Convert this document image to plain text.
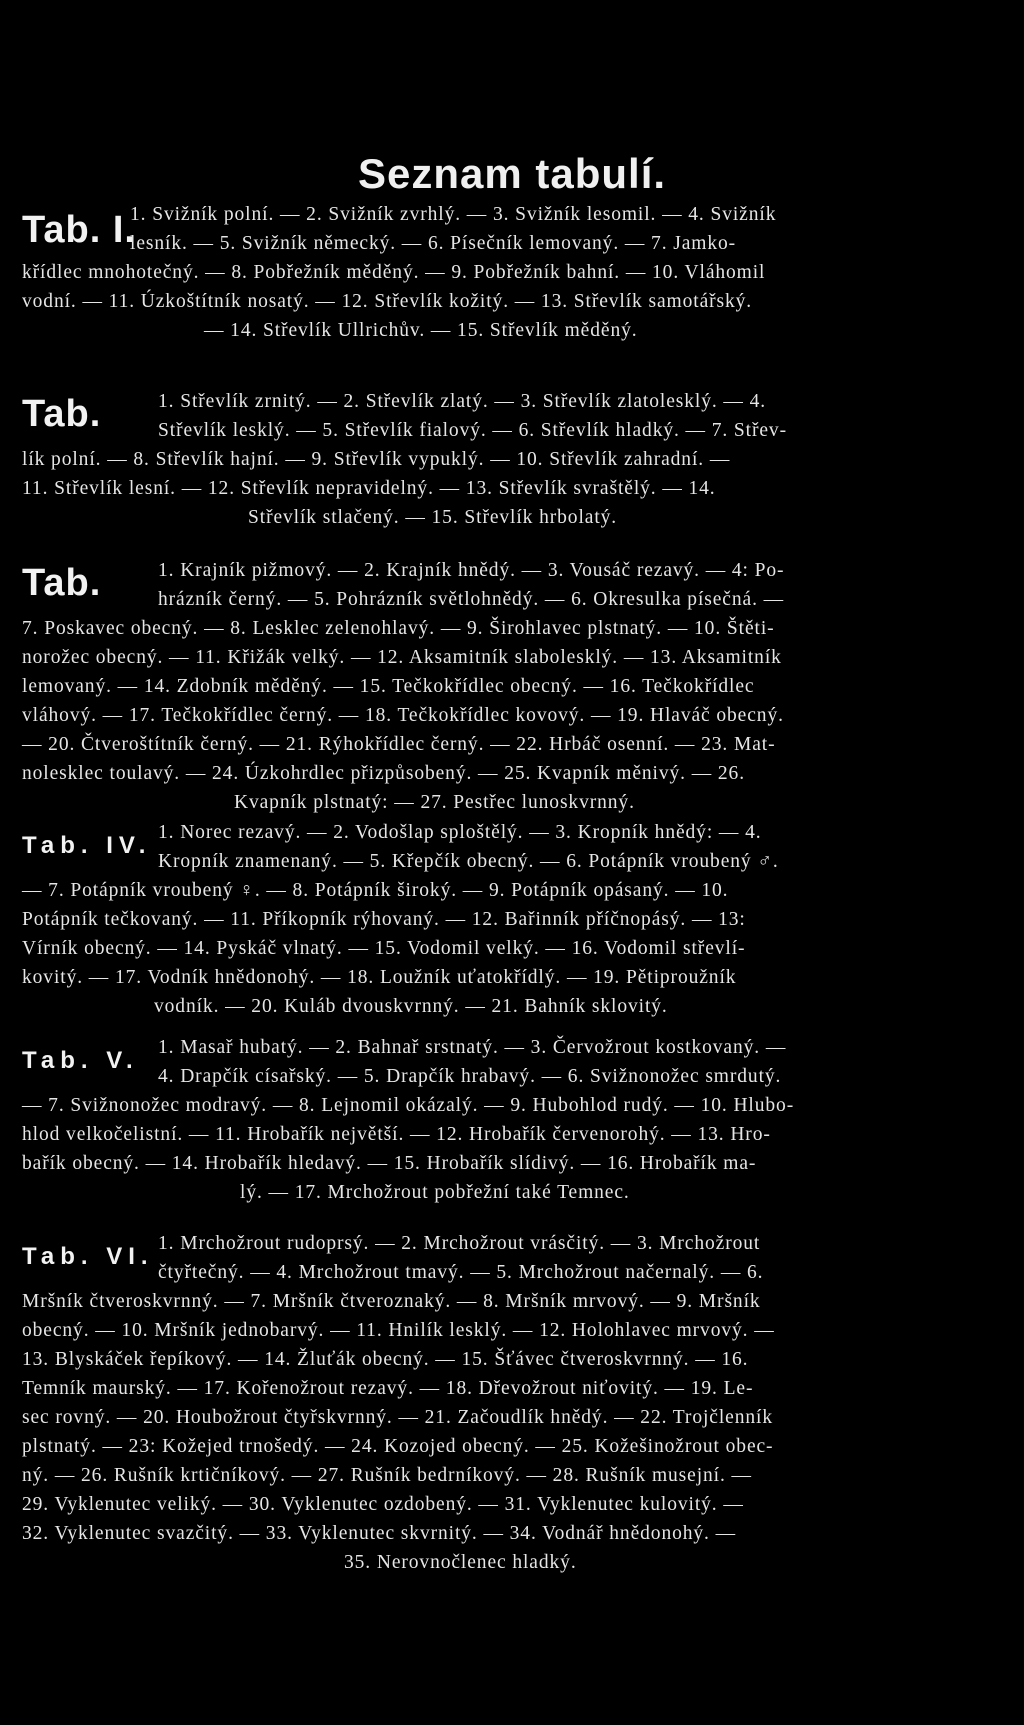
Seznam tabulí.
Tab. I.
1. Svižník polní. — 2. Svižník zvrhlý. — 3. Svižník lesomil. — 4. Svižník
lesník. — 5. Svižník německý. — 6. Písečník lemovaný. — 7. Jamko-
křídlec mnohotečný. — 8. Pobřežník měděný. — 9. Pobřežník bahní. — 10. Vláhomil
vodní. — 11. Úzkoštítník nosatý. — 12. Střevlík kožitý. — 13. Střevlík samotářský.
— 14. Střevlík Ullrichův. — 15. Střevlík měděný.
Tab.	1. Střevlík zrnitý. — 2. Střevlík zlatý. — 3. Střevlík zlatolesklý. — 4.
Střevlík lesklý. — 5. Střevlík fialový. — 6. Střevlík hladký. — 7. Střev-
lík polní. — 8. Střevlík hajní. — 9. Střevlík vypuklý. — 10. Střevlík zahradní. —
11. Střevlík lesní. — 12. Střevlík nepravidelný. — 13. Střevlík svraštělý. — 14.
Střevlík stlačený. — 15. Střevlík hrbolatý.
Tab.	1. Krajník pižmový. — 2. Krajník hnědý. — 3. Vousáč rezavý. — 4: Po-
hrázník černý. — 5. Pohrázník světlohnědý. — 6. Okresulka písečná. —
7. Poskavec obecný. — 8. Lesklec zelenohlavý. — 9. Širohlavec plstnatý. — 10. Štěti-
norožec obecný. — 11. Křižák velký. — 12. Aksamitník slabolesklý. — 13. Aksamitník
lemovaný. — 14. Zdobník měděný. — 15. Tečkokřídlec obecný. — 16. Tečkokřídlec
vláhový. — 17. Tečkokřídlec černý. — 18. Tečkokřídlec kovový. — 19. Hlaváč obecný.
— 20. Čtveroštítník černý. — 21. Rýhokřídlec černý. — 22. Hrbáč osenní. — 23. Mat-
nolesklec toulavý. — 24. Úzkohrdlec přizpůsobený. — 25. Kvapník měnivý. — 26.
Kvapník plstnatý: — 27. Pestřec lunoskvrnný.
Tab. IV. 1. Norec rezavý. — 2. Vodošlap sploštělý. — 3. Kropník hnědý: — 4.
Kropník znamenaný. — 5. Křepčík obecný. — 6. Potápník vroubený ♂.
— 7. Potápník vroubený ♀. — 8. Potápník široký. — 9. Potápník opásaný. — 10.
Potápník tečkovaný. — 11. Příkopník rýhovaný. — 12. Bařinník příčnopásý. — 13:
Vírník obecný. — 14. Pyskáč vlnatý. — 15. Vodomil velký. — 16. Vodomil střevlí-
kovitý. — 17. Vodník hnědonohý. — 18. Loužník uťatokřídlý. — 19. Pětiproužník
vodník. — 20. Kuláb dvouskvrnný. — 21. Bahník sklovitý.
Tab. V. 1. Masař hubatý. — 2. Bahnař srstnatý. — 3. Červožrout kostkovaný. —
4. Drapčík císařský. — 5. Drapčík hrabavý. — 6. Svižnonožec smrdutý.
— 7. Svižnonožec modravý. — 8. Lejnomil okázalý. — 9. Hubohlod rudý. — 10. Hlubo-
hlod velkočelistní. — 11. Hrobařík největší. — 12. Hrobařík červenorohý. — 13. Hro-
bařík obecný. — 14. Hrobařík hledavý. — 15. Hrobařík slídivý. — 16. Hrobařík ma-
lý. — 17. Mrchožrout pobřežní také Temnec.
Tab. VI. 1. Mrchožrout rudoprsý. — 2. Mrchožrout vrásčitý. — 3. Mrchožrout
čtyřtečný. — 4. Mrchožrout tmavý. — 5. Mrchožrout načernalý. — 6.
Mršník čtveroskvrnný. — 7. Mršník čtveroznaký. — 8. Mršník mrvový. — 9. Mršník
obecný. — 10. Mršník jednobarvý. — 11. Hnilík lesklý. — 12. Holohlavec mrvový. —
13. Blyskáček řepíkový. — 14. Žluťák obecný. — 15. Šťávec čtveroskvrnný. — 16.
Temník maurský. — 17. Kořenožrout rezavý. — 18. Dřevožrout niťovitý. — 19. Le-
sec rovný. — 20. Houbožrout čtyřskvrnný. — 21. Začoudlík hnědý. — 22. Trojčlenník
plstnatý. — 23: Kožejed trnošedý. — 24. Kozojed obecný. — 25. Kožešinožrout obec-
ný. — 26. Rušník krtičníkový. — 27. Rušník bedrníkový. — 28. Rušník musejní. —
29. Vyklenutec veliký. — 30. Vyklenutec ozdobený. — 31. Vyklenutec kulovitý. —
32. Vyklenutec svazčitý. — 33. Vyklenutec skvrnitý. — 34. Vodnář hnědonohý. —
35. Nerovnočlenec hladký.
